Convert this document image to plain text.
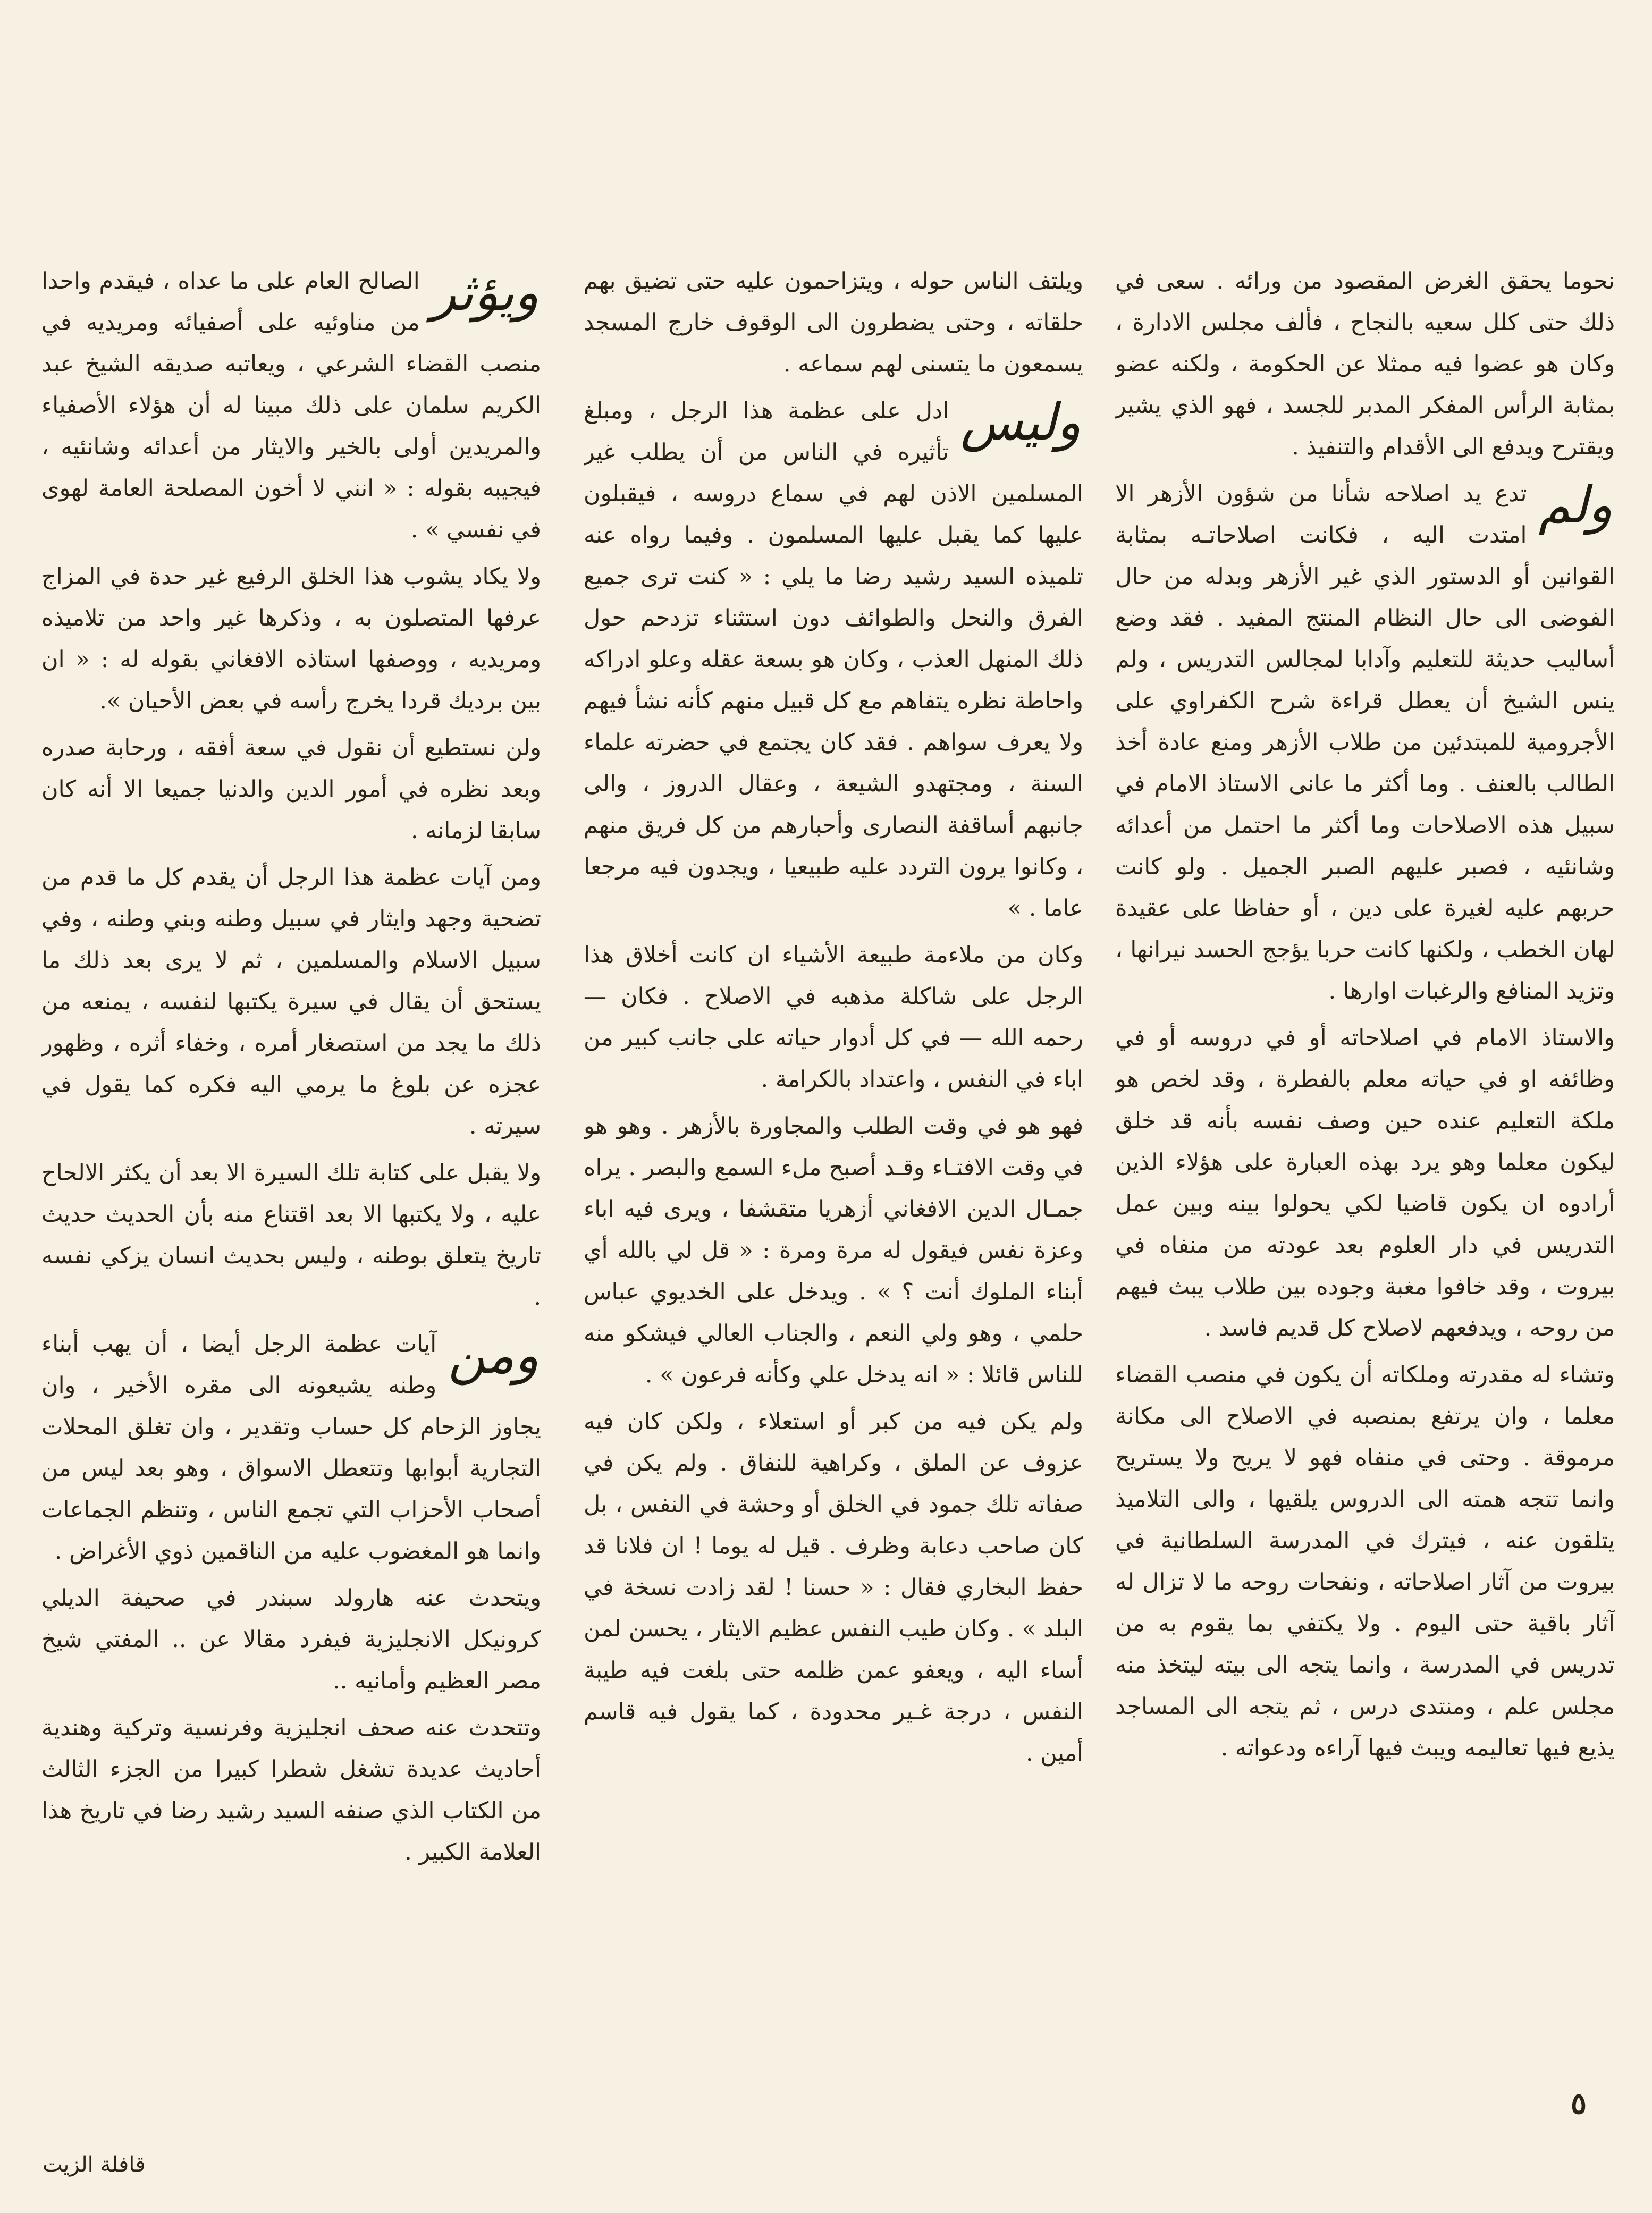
نحوما يحقق الغرض المقصود من ورائه . سعى في ذلك حتى كلل سعيه بالنجاح ، فألف مجلس الادارة ، وكان هو عضوا فيه ممثلا عن الحكومة ، ولكنه عضو بمثابة الرأس المفكر المدبر للجسد ، فهو الذي يشير ويقترح ويدفع الى الأقدام والتنفيذ .

ولم
تدع يد اصلاحه شأنا من شؤون الأزهر الا امتدت اليه ، فكانت اصلاحاتـه بمثابة القوانين أو الدستور الذي غير الأزهر وبدله من حال الفوضى الى حال النظام المنتج المفيد . فقد وضع أساليب حديثة للتعليم وآدابا لمجالس التدريس ، ولم ينس الشيخ أن يعطل قراءة شرح الكفراوي على الأجرومية للمبتدئين من طلاب الأزهر ومنع عادة أخذ الطالب بالعنف . وما أكثر ما عانى الاستاذ الامام في سبيل هذه الاصلاحات وما أكثر ما احتمل من أعدائه وشانئيه ، فصبر عليهم الصبر الجميل . ولو كانت حربهم عليه لغيرة على دين ، أو حفاظا على عقيدة لهان الخطب ، ولكنها كانت حربا يؤجج الحسد نيرانها ، وتزيد المنافع والرغبات اوارها .

والاستاذ الامام في اصلاحاته أو في دروسه أو في وظائفه او في حياته معلم بالفطرة ، وقد لخص هو ملكة التعليم عنده حين وصف نفسه بأنه قد خلق ليكون معلما وهو يرد بهذه العبارة على هؤلاء الذين أرادوه ان يكون قاضيا لكي يحولوا بينه وبين عمل التدريس في دار العلوم بعد عودته من منفاه في بيروت ، وقد خافوا مغبة وجوده بين طلاب يبث فيهم من روحه ، ويدفعهم لاصلاح كل قديم فاسد .

وتشاء له مقدرته وملكاته أن يكون في منصب القضاء معلما ، وان يرتفع بمنصبه في الاصلاح الى مكانة مرموقة . وحتى في منفاه فهو لا يريح ولا يستريح وانما تتجه همته الى الدروس يلقيها ، والى التلاميذ يتلقون عنه ، فيترك في المدرسة السلطانية في بيروت من آثار اصلاحاته ، ونفحات روحه ما لا تزال له آثار باقية حتى اليوم . ولا يكتفي بما يقوم به من تدريس في المدرسة ، وانما يتجه الى بيته ليتخذ منه مجلس علم ، ومنتدى درس ، ثم يتجه الى المساجد يذيع فيها تعاليمه ويبث فيها آراءه ودعواته .

ويلتف الناس حوله ، ويتزاحمون عليه حتى تضيق بهم حلقاته ، وحتى يضطرون الى الوقوف خارج المسجد يسمعون ما يتسنى لهم سماعه .

وليس
ادل على عظمة هذا الرجل ، ومبلغ تأثيره في الناس من أن يطلب غير المسلمين الاذن لهم في سماع دروسه ، فيقبلون عليها كما يقبل عليها المسلمون . وفيما رواه عنه تلميذه السيد رشيد رضا ما يلي : « كنت ترى جميع الفرق والنحل والطوائف دون استثناء تزدحم حول ذلك المنهل العذب ، وكان هو بسعة عقله وعلو ادراكه واحاطة نظره يتفاهم مع كل قبيل منهم كأنه نشأ فيهم ولا يعرف سواهم . فقد كان يجتمع في حضرته علماء السنة ، ومجتهدو الشيعة ، وعقال الدروز ، والى جانبهم أساقفة النصارى وأحبارهم من كل فريق منهم ، وكانوا يرون التردد عليه طبيعيا ، ويجدون فيه مرجعا عاما . »

وكان من ملاءمة طبيعة الأشياء ان كانت أخلاق هذا الرجل على شاكلة مذهبه في الاصلاح . فكان — رحمه الله — في كل أدوار حياته على جانب كبير من اباء في النفس ، واعتداد بالكرامة .

فهو هو في وقت الطلب والمجاورة بالأزهر . وهو هو في وقت الافتـاء وقـد أصبح ملء السمع والبصر . يراه جمـال الدين الافغاني أزهريا متقشفا ، ويرى فيه اباء وعزة نفس فيقول له مرة ومرة : « قل لي بالله أي أبناء الملوك أنت ؟ » . ويدخل على الخديوي عباس حلمي ، وهو ولي النعم ، والجناب العالي فيشكو منه للناس قائلا : « انه يدخل علي وكأنه فرعون » .

ولم يكن فيه من كبر أو استعلاء ، ولكن كان فيه عزوف عن الملق ، وكراهية للنفاق . ولم يكن في صفاته تلك جمود في الخلق أو وحشة في النفس ، بل كان صاحب دعابة وظرف . قيل له يوما ! ان فلانا قد حفظ البخاري فقال : « حسنا ! لقد زادت نسخة في البلد » . وكان طيب النفس عظيم الايثار ، يحسن لمن أساء اليه ، ويعفو عمن ظلمه حتى بلغت فيه طيبة النفس ، درجة غـير محدودة ، كما يقول فيه قاسم أمين .

ويؤثر
الصالح العام على ما عداه ، فيقدم واحدا من مناوئيه على أصفيائه ومريديه في منصب القضاء الشرعي ، ويعاتبه صديقه الشيخ عبد الكريم سلمان على ذلك مبينا له أن هؤلاء الأصفياء والمريدين أولى بالخير والايثار من أعدائه وشانئيه ، فيجيبه بقوله : « انني لا أخون المصلحة العامة لهوى في نفسي » .

ولا يكاد يشوب هذا الخلق الرفيع غير حدة في المزاج عرفها المتصلون به ، وذكرها غير واحد من تلاميذه ومريديه ، ووصفها استاذه الافغاني بقوله له : « ان بين برديك قردا يخرج رأسه في بعض الأحيان ».

ولن نستطيع أن نقول في سعة أفقه ، ورحابة صدره وبعد نظره في أمور الدين والدنيا جميعا الا أنه كان سابقا لزمانه .

ومن آيات عظمة هذا الرجل أن يقدم كل ما قدم من تضحية وجهد وايثار في سبيل وطنه وبني وطنه ، وفي سبيل الاسلام والمسلمين ، ثم لا يرى بعد ذلك ما يستحق أن يقال في سيرة يكتبها لنفسه ، يمنعه من ذلك ما يجد من استصغار أمره ، وخفاء أثره ، وظهور عجزه عن بلوغ ما يرمي اليه فكره كما يقول في سيرته .

ولا يقبل على كتابة تلك السيرة الا بعد أن يكثر الالحاح عليه ، ولا يكتبها الا بعد اقتناع منه بأن الحديث حديث تاريخ يتعلق بوطنه ، وليس بحديث انسان يزكي نفسه .

ومن
آيات عظمة الرجل أيضا ، أن يهب أبناء وطنه يشيعونه الى مقره الأخير ، وان يجاوز الزحام كل حساب وتقدير ، وان تغلق المحلات التجارية أبوابها وتتعطل الاسواق ، وهو بعد ليس من أصحاب الأحزاب التي تجمع الناس ، وتنظم الجماعات وانما هو المغضوب عليه من الناقمين ذوي الأغراض .

ويتحدث عنه هارولد سبندر في صحيفة الديلي كرونيكل الانجليزية فيفرد مقالا عن .. المفتي شيخ مصر العظيم وأمانيه ..

وتتحدث عنه صحف انجليزية وفرنسية وتركية وهندية أحاديث عديدة تشغل شطرا كبيرا من الجزء الثالث من الكتاب الذي صنفه السيد رشيد رضا في تاريخ هذا العلامة الكبير .

٥
قافلة الزيت
